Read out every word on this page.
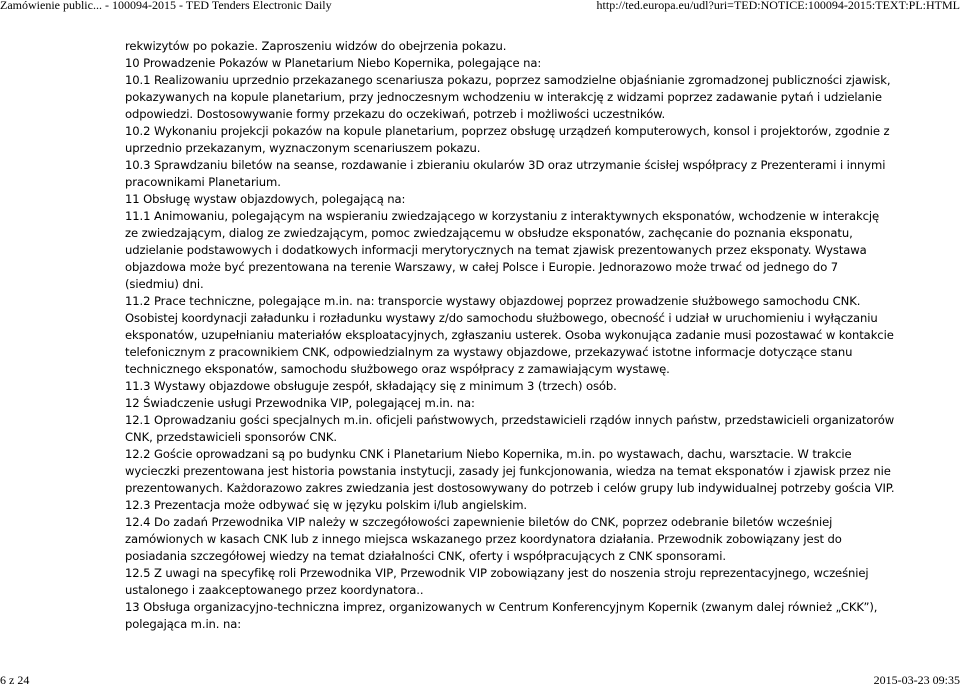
Zamówienie public... - 100094-2015 - TED Tenders Electronic Daily	http://ted.europa.eu/udl?uri=TED:NOTICE:100094-2015:TEXT:PL:HTML

rekwizytów po pokazie. Zaproszeniu widzów do obejrzenia pokazu.

10 Prowadzenie Pokazów w Planetarium Niebo Kopernika, polegające na:

10.1 Realizowaniu uprzednio przekazanego scenariusza pokazu, poprzez samodzielne objaśnianie zgromadzonej publiczności zjawisk, pokazywanych na kopule planetarium, przy jednoczesnym wchodzeniu w interakcję z widzami poprzez zadawanie pytań i udzielanie odpowiedzi. Dostosowywanie formy przekazu do oczekiwań, potrzeb i możliwości uczestników.

10.2 Wykonaniu projekcji pokazów na kopule planetarium, poprzez obsługę urządzeń komputerowych, konsol i projektorów, zgodnie z uprzednio przekazanym, wyznaczonym scenariuszem pokazu.

10.3 Sprawdzaniu biletów na seanse, rozdawanie i zbieraniu okularów 3D oraz utrzymanie ścisłej współpracy z Prezenterami i innymi pracownikami Planetarium.

11 Obsługę wystaw objazdowych, polegającą na:

11.1 Animowaniu, polegającym na wspieraniu zwiedzającego w korzystaniu z interaktywnych eksponatów, wchodzenie w interakcję ze zwiedzającym, dialog ze zwiedzającym, pomoc zwiedzającemu w obsłudze eksponatów, zachęcanie do poznania eksponatu, udzielanie podstawowych i dodatkowych informacji merytorycznych na temat zjawisk prezentowanych przez eksponaty. Wystawa objazdowa może być prezentowana na terenie Warszawy, w całej Polsce i Europie. Jednorazowo może trwać od jednego do 7 (siedmiu) dni.

11.2 Prace techniczne, polegające m.in. na: transporcie wystawy objazdowej poprzez prowadzenie służbowego samochodu CNK. Osobistej koordynacji załadunku i rozładunku wystawy z/do samochodu służbowego, obecność i udział w uruchomieniu i wyłączaniu eksponatów, uzupełnianiu materiałów eksploatacyjnych, zgłaszaniu usterek. Osoba wykonująca zadanie musi pozostawać w kontakcie telefonicznym z pracownikiem CNK, odpowiedzialnym za wystawy objazdowe, przekazywać istotne informacje dotyczące stanu technicznego eksponatów, samochodu służbowego oraz współpracy z zamawiającym wystawę.

11.3 Wystawy objazdowe obsługuje zespół, składający się z minimum 3 (trzech) osób.

12 Świadczenie usługi Przewodnika VIP, polegającej m.in. na:

12.1 Oprowadzaniu gości specjalnych m.in. oficjeli państwowych, przedstawicieli rządów innych państw, przedstawicieli organizatorów CNK, przedstawicieli sponsorów CNK.

12.2 Goście oprowadzani są po budynku CNK i Planetarium Niebo Kopernika, m.in. po wystawach, dachu, warsztacie. W trakcie wycieczki prezentowana jest historia powstania instytucji, zasady jej funkcjonowania, wiedza na temat eksponatów i zjawisk przez nie prezentowanych. Każdorazowo zakres zwiedzania jest dostosowywany do potrzeb i celów grupy lub indywidualnej potrzeby gościa VIP.

12.3 Prezentacja może odbywać się w języku polskim i/lub angielskim.

12.4 Do zadań Przewodnika VIP należy w szczegółowości zapewnienie biletów do CNK, poprzez odebranie biletów wcześniej zamówionych w kasach CNK lub z innego miejsca wskazanego przez koordynatora działania. Przewodnik zobowiązany jest do posiadania szczegółowej wiedzy na temat działalności CNK, oferty i współpracujących z CNK sponsorami.

12.5 Z uwagi na specyfikę roli Przewodnika VIP, Przewodnik VIP zobowiązany jest do noszenia stroju reprezentacyjnego, wcześniej ustalonego i zaakceptowanego przez koordynatora..

13 Obsługa organizacyjno-techniczna imprez, organizowanych w Centrum Konferencyjnym Kopernik (zwanym dalej również „CKK”), polegająca m.in. na:

6 z 24	2015-03-23 09:35
